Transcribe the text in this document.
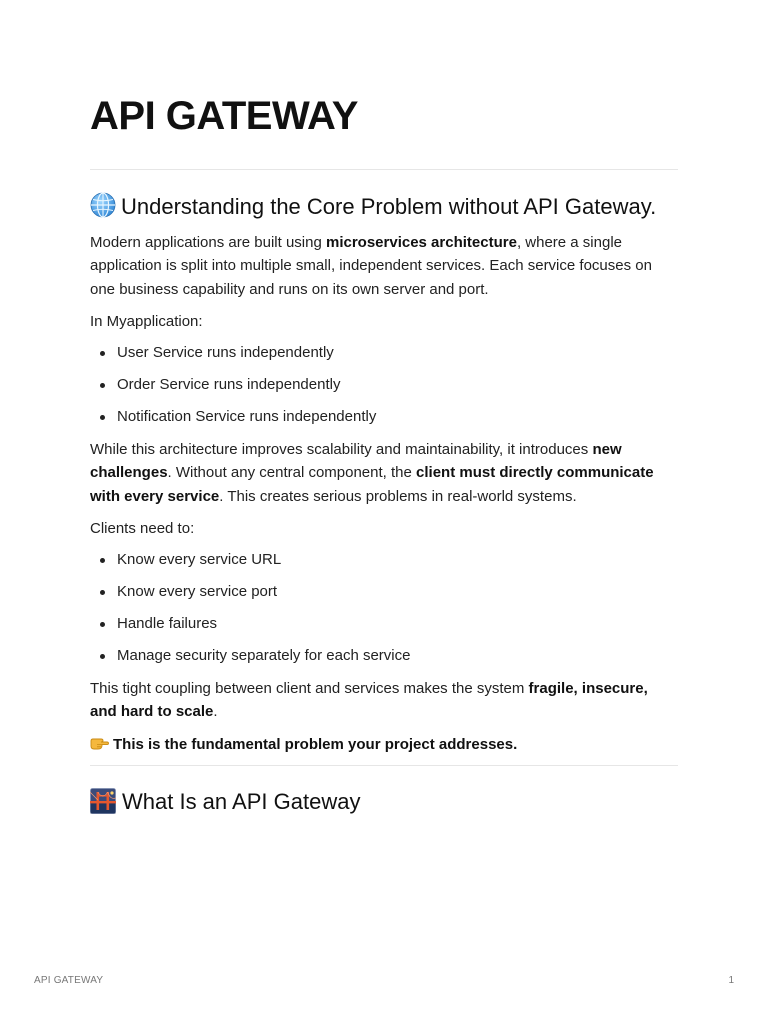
API GATEWAY
Understanding the Core Problem without API Gateway.

Modern applications are built using microservices architecture, where a single application is split into multiple small, independent services. Each service focuses on one business capability and runs on its own server and port.

In Myapplication:

User Service runs independently
Order Service runs independently
Notification Service runs independently

While this architecture improves scalability and maintainability, it introduces new challenges. Without any central component, the client must directly communicate with every service. This creates serious problems in real-world systems.

Clients need to:

Know every service URL
Know every service port
Handle failures
Manage security separately for each service

This tight coupling between client and services makes the system fragile, insecure, and hard to scale.

This is the fundamental problem your project addresses.

What Is an API Gateway
API GATEWAY	1
